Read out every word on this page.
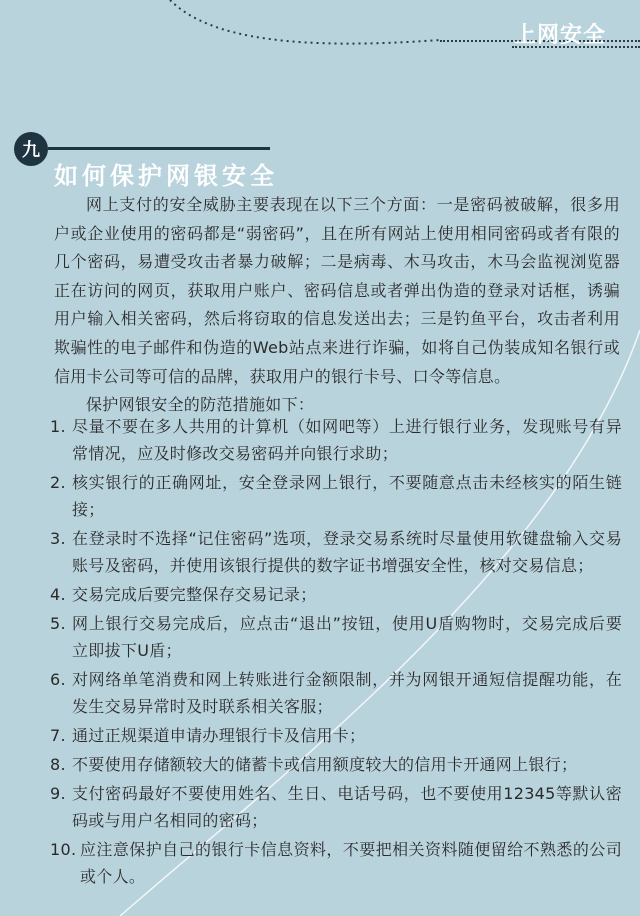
上网安全
九
如何保护网银安全

网上支付的安全威胁主要表现在以下三个方面：一是密码被破解，很多用户或企业使用的密码都是“弱密码”，且在所有网站上使用相同密码或者有限的几个密码，易遭受攻击者暴力破解；二是病毒、木马攻击，木马会监视浏览器正在访问的网页，获取用户账户、密码信息或者弹出伪造的登录对话框，诱骗用户输入相关密码，然后将窃取的信息发送出去；三是钓鱼平台，攻击者利用欺骗性的电子邮件和伪造的Web站点来进行诈骗，如将自己伪装成知名银行或信用卡公司等可信的品牌，获取用户的银行卡号、口令等信息。

保护网银安全的防范措施如下：

1. 尽量不要在多人共用的计算机（如网吧等）上进行银行业务，发现账号有异常情况，应及时修改交易密码并向银行求助；
2. 核实银行的正确网址，安全登录网上银行，不要随意点击未经核实的陌生链接；
3. 在登录时不选择“记住密码”选项，登录交易系统时尽量使用软键盘输入交易账号及密码，并使用该银行提供的数字证书增强安全性，核对交易信息；
4. 交易完成后要完整保存交易记录；
5. 网上银行交易完成后，应点击“退出”按钮，使用U盾购物时，交易完成后要立即拔下U盾；
6. 对网络单笔消费和网上转账进行金额限制，并为网银开通短信提醒功能，在发生交易异常时及时联系相关客服；
7. 通过正规渠道申请办理银行卡及信用卡；
8. 不要使用存储额较大的储蓄卡或信用额度较大的信用卡开通网上银行；
9. 支付密码最好不要使用姓名、生日、电话号码，也不要使用12345等默认密码或与用户名相同的密码；
10. 应注意保护自己的银行卡信息资料，不要把相关资料随便留给不熟悉的公司或个人。
